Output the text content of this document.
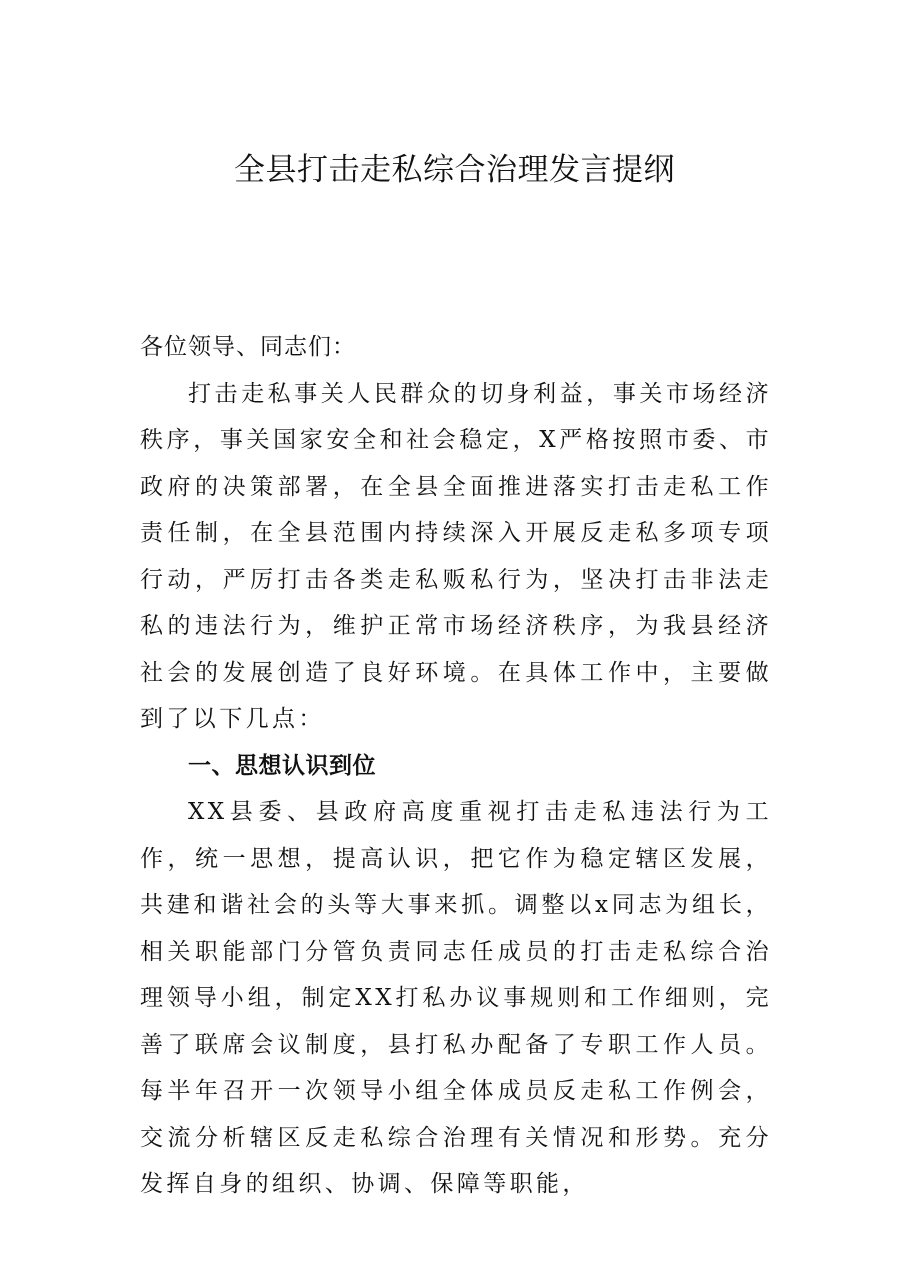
全县打击走私综合治理发言提纲

各位领导、同志们：

打击走私事关人民群众的切身利益，事关市场经济秩序，事关国家安全和社会稳定，X严格按照市委、市政府的决策部署，在全县全面推进落实打击走私工作责任制，在全县范围内持续深入开展反走私多项专项行动，严厉打击各类走私贩私行为，坚决打击非法走私的违法行为，维护正常市场经济秩序，为我县经济社会的发展创造了良好环境。在具体工作中，主要做到了以下几点：

一、思想认识到位

XX县委、县政府高度重视打击走私违法行为工作，统一思想，提高认识，把它作为稳定辖区发展，共建和谐社会的头等大事来抓。调整以x同志为组长，相关职能部门分管负责同志任成员的打击走私综合治理领导小组，制定XX打私办议事规则和工作细则，完善了联席会议制度，县打私办配备了专职工作人员。每半年召开一次领导小组全体成员反走私工作例会，交流分析辖区反走私综合治理有关情况和形势。充分发挥自身的组织、协调、保障等职能，
